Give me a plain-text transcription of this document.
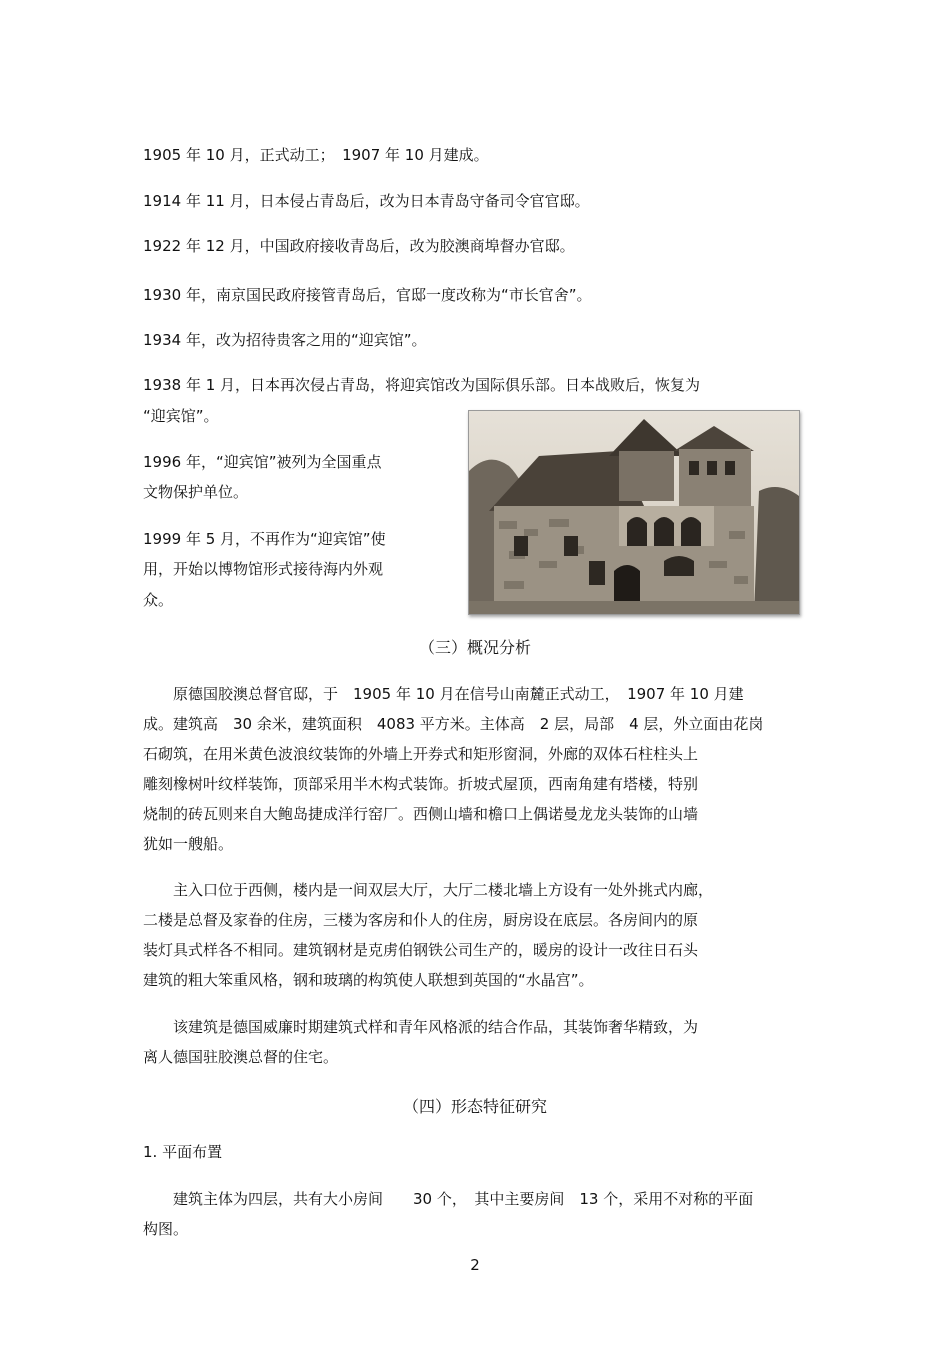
1905 年 10 月，正式动工；　1907 年 10 月建成。
1914 年 11 月，日本侵占青岛后，改为日本青岛守备司令官官邸。
1922 年 12 月，中国政府接收青岛后，改为胶澳商埠督办官邸。
1930 年，南京国民政府接管青岛后，官邸一度改称为“市长官舍”。
1934 年，改为招待贵客之用的“迎宾馆”。
1938 年 1 月，日本再次侵占青岛，将迎宾馆改为国际俱乐部。日本战败后，恢复为
“迎宾馆”。
1996 年，“迎宾馆”被列为全国重点
文物保护单位。
1999 年 5 月，不再作为“迎宾馆”使
用，开始以博物馆形式接待海内外观
众。
（三）概况分析
　　原德国胶澳总督官邸，于　1905 年 10 月在信号山南麓正式动工，　1907 年 10 月建
成。建筑高　30 余米，建筑面积　4083 平方米。主体高　2 层，局部　4 层，外立面由花岗
石砌筑，在用米黄色波浪纹装饰的外墙上开券式和矩形窗洞，外廊的双体石柱柱头上
雕刻橡树叶纹样装饰，顶部采用半木构式装饰。折坡式屋顶，西南角建有塔楼，特别
烧制的砖瓦则来自大鲍岛捷成洋行窑厂。西侧山墙和檐口上偶诺曼龙龙头装饰的山墙
犹如一艘船。
　　主入口位于西侧，楼内是一间双层大厅，大厅二楼北墙上方设有一处外挑式内廊，
二楼是总督及家眷的住房，三楼为客房和仆人的住房，厨房设在底层。各房间内的原
装灯具式样各不相同。建筑钢材是克虏伯钢铁公司生产的，暖房的设计一改往日石头
建筑的粗大笨重风格，钢和玻璃的构筑使人联想到英国的“水晶宫”。
　　该建筑是德国威廉时期建筑式样和青年风格派的结合作品，其装饰奢华精致，为
离人德国驻胶澳总督的住宅。
（四）形态特征研究
1. 平面布置
　　建筑主体为四层，共有大小房间　　30 个，　其中主要房间　13 个，采用不对称的平面
构图。
2
